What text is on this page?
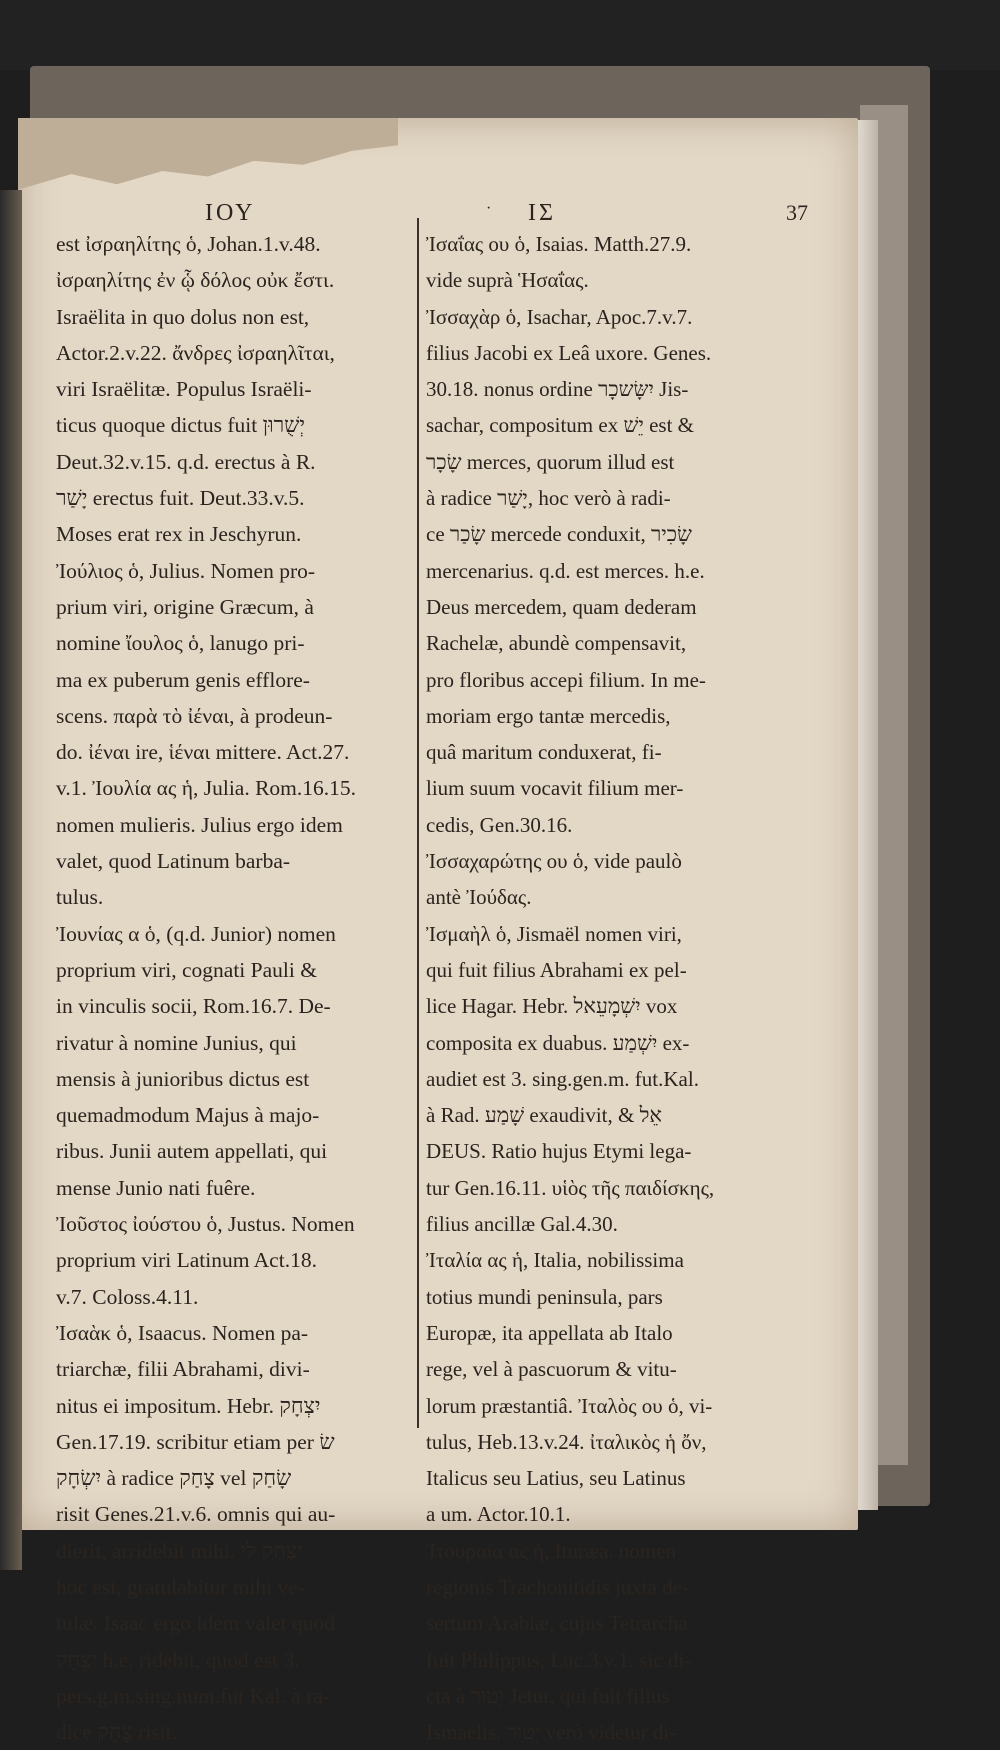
ΙΟΥ	· ΙΣ	37
est ἰσραηλίτης ὁ, Johan.1.v.48.
ἰσραηλίτης ἐν ᾧ δόλος οὐκ ἔστι.
Israëlita in quo dolus non est,
Actor.2.v.22. ἄνδρες ἰσραηλῖται,
viri Israëlitæ. Populus Israëli-
ticus quoque dictus fuit יְשֻׁרוּן
Deut.32.v.15. q.d. erectus à R.
יָשַׁר erectus fuit. Deut.33.v.5.
Moses erat rex in Jeschyrun.
Ἰούλιος ὁ, Julius. Nomen pro-
prium viri, origine Græcum, à
nomine ἴουλος ὁ, lanugo pri-
ma ex puberum genis efflore-
scens. παρὰ τὸ ἰέναι, à prodeun-
do. ἰέναι ire, ἱέναι mittere. Act.27.
v.1. Ἰουλία ας ἡ, Julia. Rom.16.15.
nomen mulieris. Julius ergo idem
valet, quod Latinum barba-
tulus.
Ἰουνίας α ὁ, (q.d. Junior) nomen
proprium viri, cognati Pauli &
in vinculis socii, Rom.16.7. De-
rivatur à nomine Junius, qui
mensis à junioribus dictus est
quemadmodum Majus à majo-
ribus. Junii autem appellati, qui
mense Junio nati fuêre.
Ἰοῦστος ἰούστου ὁ, Justus. Nomen
proprium viri Latinum Act.18.
v.7. Coloss.4.11.
Ἰσαὰκ ὁ, Isaacus. Nomen pa-
triarchæ, filii Abrahami, divi-
nitus ei impositum. Hebr. יִצְחָק
Gen.17.19. scribitur etiam per שׂ
יִשְׂחָק à radice צָחַק vel שָׂחַק
risit Genes.21.v.6. omnis qui au-
dierit, arridebit mihi. יִצְחַק לִי
hoc est, gratulabitur mihi ve-
tulæ. Isaac ergo idem valet quod
יִצְחָק h.e. ridebit, quod est 3.
pers.g.m.sing.num.fut Kal. à ra-
dice צָחַק risit.
Ἰσαΐας ου ὁ, Isaias. Matth.27.9.
vide suprà Ἡσαΐας.
Ἰσσαχὰρ ὁ, Isachar, Apoc.7.v.7.
filius Jacobi ex Leâ uxore. Genes.
30.18. nonus ordine יִשָּׂשכָר Jis-
sachar, compositum ex יֵשׁ est &
שָׂכָר merces, quorum illud est
à radice יָשַׁר, hoc verò à radi-
ce שָׂכַר mercede conduxit, שָׂכִיר
mercenarius. q.d. est merces. h.e.
Deus mercedem, quam dederam
Rachelæ, abundè compensavit,
pro floribus accepi filium. In me-
moriam ergo tantæ mercedis,
quâ maritum conduxerat, fi-
lium suum vocavit filium mer-
cedis, Gen.30.16.
Ἰσσαχαρώτης ου ὁ, vide paulò
antè Ἰούδας.
Ἰσμαὴλ ὁ, Jismaël nomen viri,
qui fuit filius Abrahami ex pel-
lice Hagar. Hebr. יִשְׁמָעֵאל vox
composita ex duabus. יִשְׁמַע ex-
audiet est 3. sing.gen.m. fut.Kal.
à Rad. שָׁמַע exaudivit, & אֵל
DEUS. Ratio hujus Etymi lega-
tur Gen.16.11. υἱὸς τῆς παιδίσκης,
filius ancillæ Gal.4.30.
Ἰταλία ας ἡ, Italia, nobilissima
totius mundi peninsula, pars
Europæ, ita appellata ab Italo
rege, vel à pascuorum & vitu-
lorum præstantiâ. Ἰταλὸς ου ὁ, vi-
tulus, Heb.13.v.24. ἰταλικὸς ἡ ὄν,
Italicus seu Latius, seu Latinus
a um. Actor.10.1.
Ἰτουραία ας ἡ, Ituræa. nomen
regionis Trachonitidis juxta de-
sertum Arabiæ, cujus Tetrarcha
fuit Philippus, Luc.3.v.1. sic di-
cta à יְטוּר Jetur, qui fuit filius
Ismaëlis. יְטוּר verò videtur di-
